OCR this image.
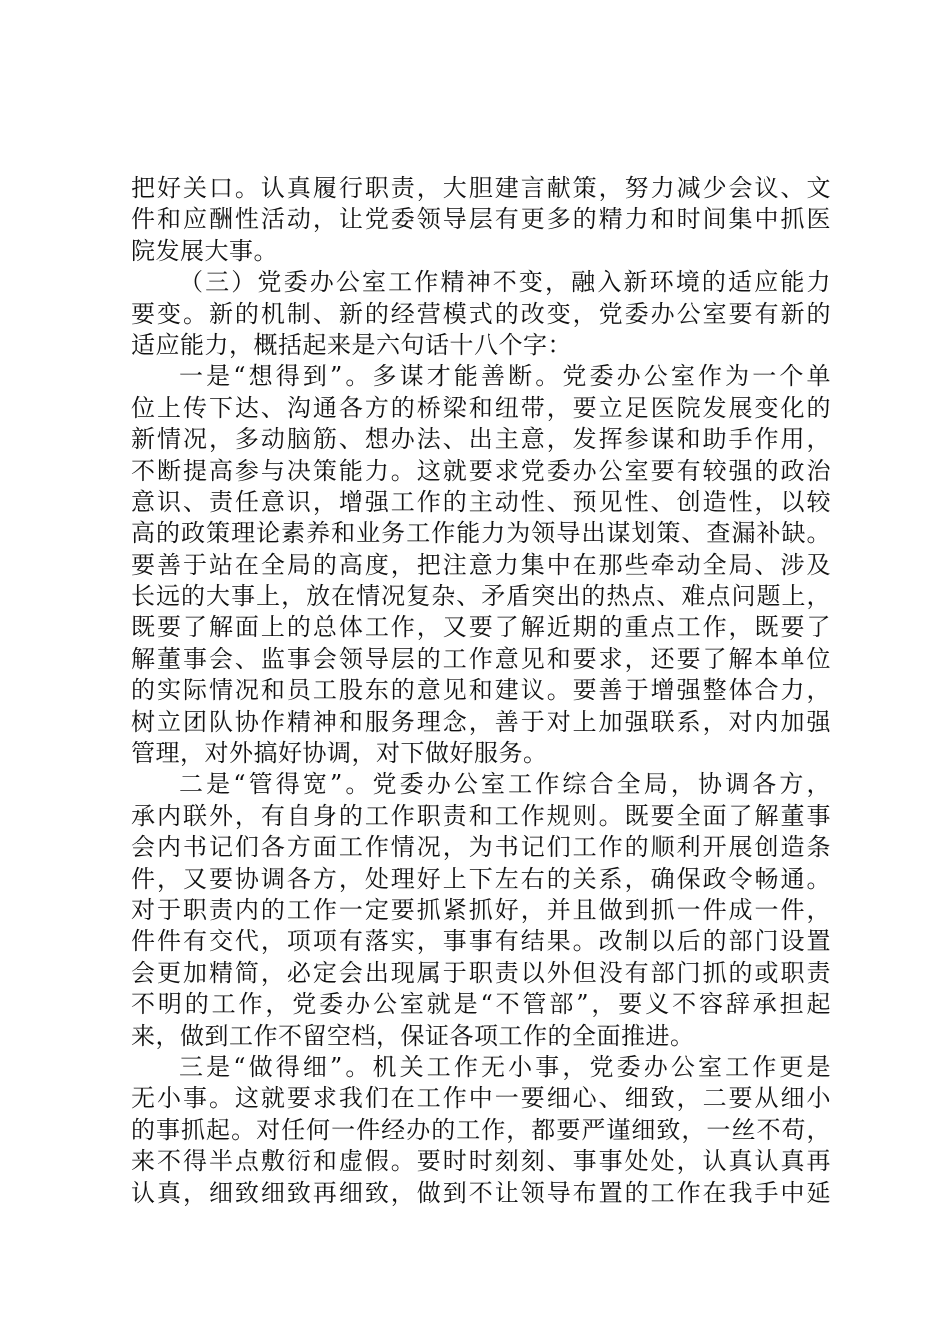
把好关口。认真履行职责，大胆建言献策，努力减少会议、文
件和应酬性活动，让党委领导层有更多的精力和时间集中抓医
院发展大事。
（三）党委办公室工作精神不变，融入新环境的适应能力
要变。新的机制、新的经营模式的改变，党委办公室要有新的
适应能力，概括起来是六句话十八个字：
一是“想得到”。多谋才能善断。党委办公室作为一个单
位上传下达、沟通各方的桥梁和纽带，要立足医院发展变化的
新情况，多动脑筋、想办法、出主意，发挥参谋和助手作用，
不断提高参与决策能力。这就要求党委办公室要有较强的政治
意识、责任意识，增强工作的主动性、预见性、创造性，以较
高的政策理论素养和业务工作能力为领导出谋划策、查漏补缺。
要善于站在全局的高度，把注意力集中在那些牵动全局、涉及
长远的大事上，放在情况复杂、矛盾突出的热点、难点问题上，
既要了解面上的总体工作，又要了解近期的重点工作，既要了
解董事会、监事会领导层的工作意见和要求，还要了解本单位
的实际情况和员工股东的意见和建议。要善于增强整体合力，
树立团队协作精神和服务理念，善于对上加强联系，对内加强
管理，对外搞好协调，对下做好服务。
二是“管得宽”。党委办公室工作综合全局，协调各方，
承内联外，有自身的工作职责和工作规则。既要全面了解董事
会内书记们各方面工作情况，为书记们工作的顺利开展创造条
件，又要协调各方，处理好上下左右的关系，确保政令畅通。
对于职责内的工作一定要抓紧抓好，并且做到抓一件成一件，
件件有交代，项项有落实，事事有结果。改制以后的部门设置
会更加精简，必定会出现属于职责以外但没有部门抓的或职责
不明的工作，党委办公室就是“不管部”，要义不容辞承担起
来，做到工作不留空档，保证各项工作的全面推进。
三是“做得细”。机关工作无小事，党委办公室工作更是
无小事。这就要求我们在工作中一要细心、细致，二要从细小
的事抓起。对任何一件经办的工作，都要严谨细致，一丝不苟，
来不得半点敷衍和虚假。要时时刻刻、事事处处，认真认真再
认真，细致细致再细致，做到不让领导布置的工作在我手中延
